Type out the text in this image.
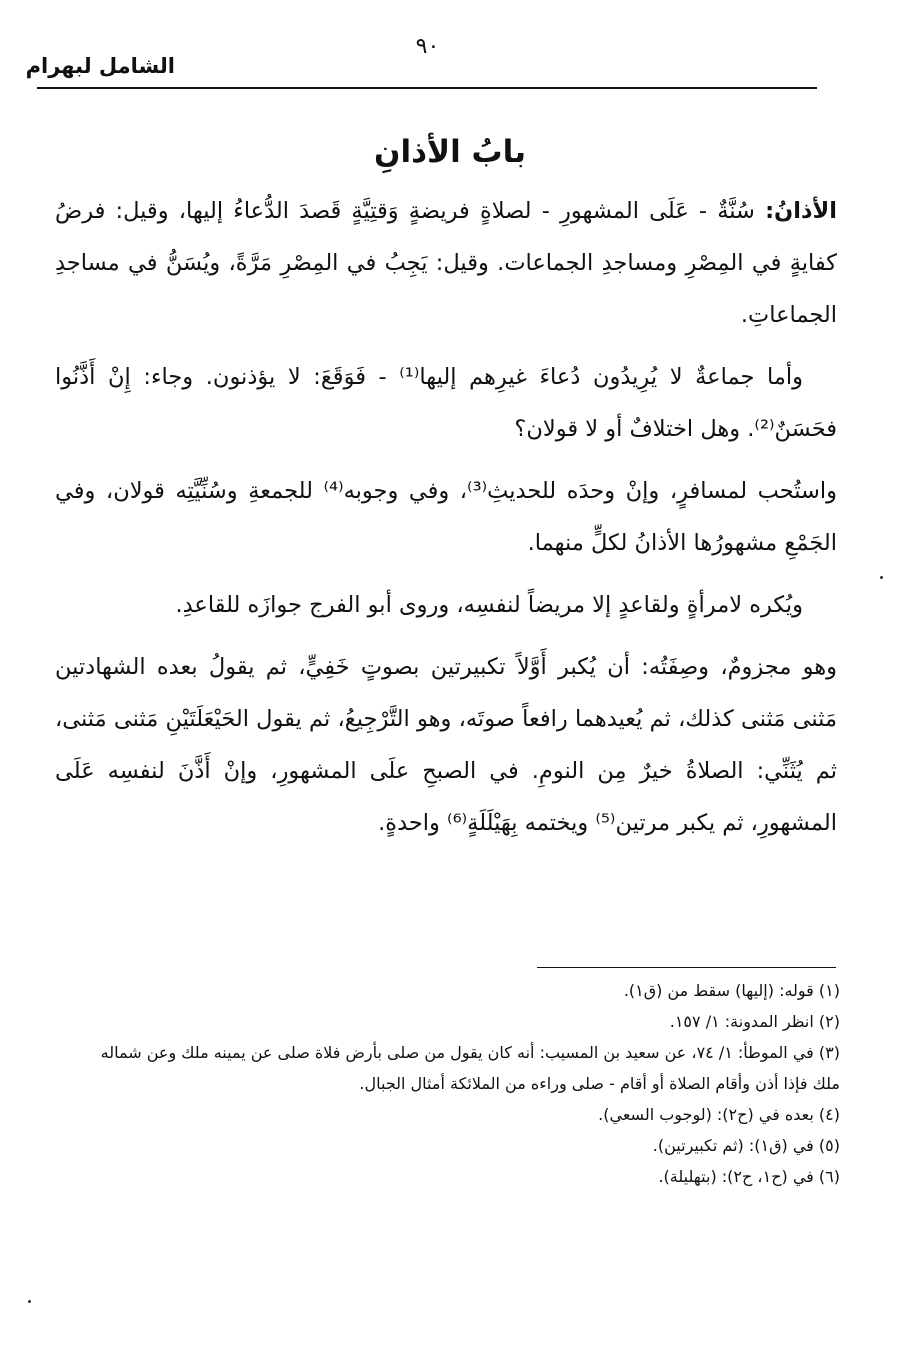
٩٠
الشامل لبهرام
بابُ الأذانِ

الأذانُ: سُنَّةٌ - عَلَى المشهورِ - لصلاةٍ فريضةٍ وَقتِيَّةٍ قَصدَ الدُّعاءُ إليها، وقيل: فرضُ كفايةٍ في المِصْرِ ومساجدِ الجماعات. وقيل: يَجِبُ في المِصْرِ مَرَّةً، ويُسَنُّ في مساجدِ الجماعاتِ.

وأما جماعةٌ لا يُرِيدُون دُعاءَ غيرِهم إليها⁽¹⁾ - فَوَقَعَ: لا يؤذنون. وجاء: إِنْ أَذَّنُوا فحَسَنٌ⁽²⁾. وهل اختلافٌ أو لا قولان؟

واستُحب لمسافرٍ، وإنْ وحدَه للحديثِ⁽³⁾، وفي وجوبه⁽⁴⁾ للجمعةِ وسُنِّيَّتِه قولان، وفي الجَمْعِ مشهورُها الأذانُ لكلٍّ منهما.

ويُكره لامرأةٍ ولقاعدٍ إلا مريضاً لنفسِه، وروى أبو الفرج جوازَه للقاعدِ.

وهو مجزومٌ، وصِفَتُه: أن يُكبر أَوَّلاً تكبيرتين بصوتٍ خَفِيٍّ، ثم يقولُ بعده الشهادتين مَثنى مَثنى كذلك، ثم يُعيدهما رافعاً صوتَه، وهو التَّرْجِيعُ، ثم يقول الحَيْعَلَتَيْنِ مَثنى مَثنى، ثم يُثَنِّي: الصلاةُ خيرٌ مِن النومِ. في الصبحِ علَى المشهورِ، وإنْ أَذَّنَ لنفسِه عَلَى المشهورِ، ثم يكبر مرتين⁽⁵⁾ ويختمه بِهَيْلَلَةٍ⁽⁶⁾ واحدةٍ.

(١) قوله: (إليها) سقط من (ق١).

(٢) انظر المدونة: ١/ ١٥٧.

(٣) في الموطأ: ١/ ٧٤، عن سعيد بن المسيب: أنه كان يقول من صلى بأرض فلاة صلى عن يمينه ملك وعن شماله

ملك فإذا أذن وأقام الصلاة أو أقام - صلى وراءه من الملائكة أمثال الجبال.

(٤) بعده في (ح٢): (لوجوب السعي).

(٥) في (ق١): (ثم تكبيرتين).

(٦) في (ح١، ح٢): (بتهليلة).
